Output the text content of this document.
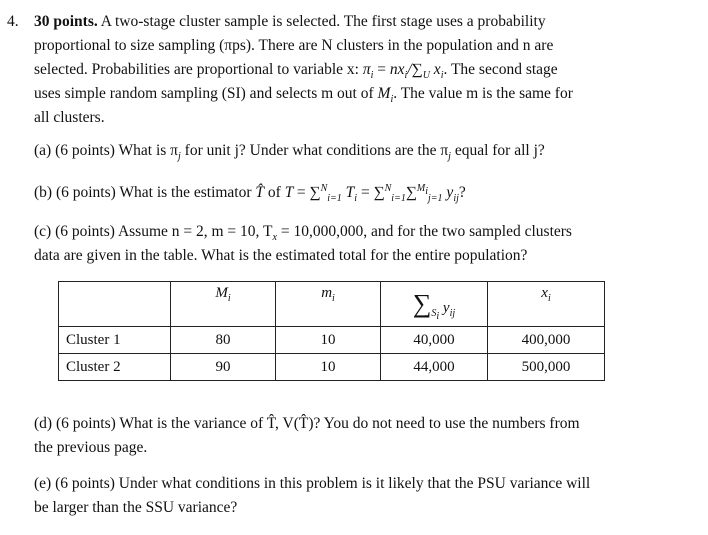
4. 30 points. A two-stage cluster sample is selected. The first stage uses a probability
proportional to size sampling (πps). There are N clusters in the population and n are
selected. Probabilities are proportional to variable x: $\pi_i = nx_i/\sum_U$ $x_i$. The second stage
uses simple random sampling (SI) and selects m out of $M_i$. The value m is the same for
all clusters.
(a) (6 points) What is $\pi_j$ for unit j? Under what conditions are the $\pi_j$ equal for all j?
(b) (6 points) What is the estimator T̂ of T = ∑$^N_{i=1}$ $T_i = \sum^N_{i=1}\sum^{M_i}_{j=1}$ $y_{ij}$?
(c) (6 points) Assume n = 2, m = 10, $T_x = 10,000,000$, and for the two sampled clusters
data are given in the table. What is the estimated total for the entire population?
	$M_i$	$m_i$	$\sum_{S_i}$ $y_{ij}$	$x_i$
Cluster 1	80	10	40,000	400,000
Cluster 2	90	10	44,000	500,000
(d) (6 points) What is the variance of T̂, V(T̂)? You do not need to use the numbers from
the previous page.
(e) (6 points) Under what conditions in this problem is it likely that the PSU variance will
be larger than the SSU variance?
